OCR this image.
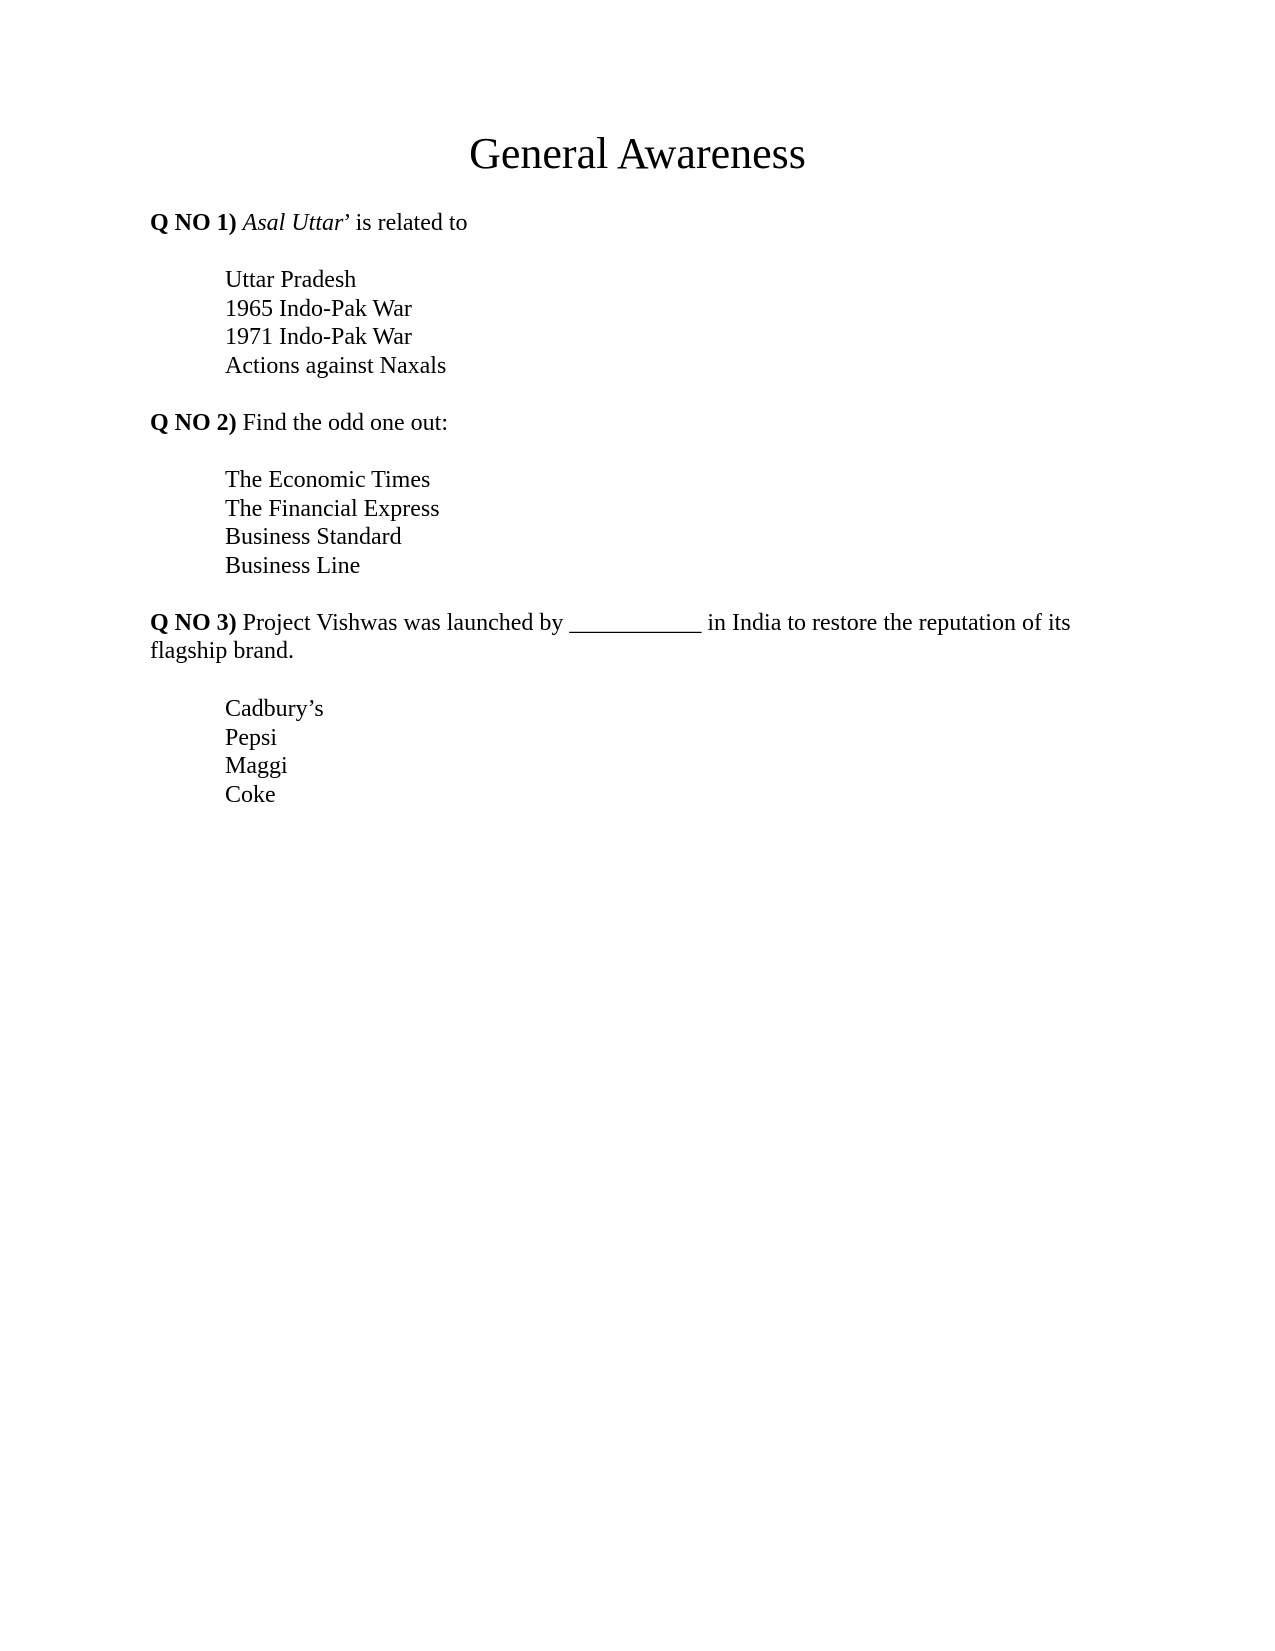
General Awareness

Q NO 1) Asal Uttar’ is related to

Uttar Pradesh
1965 Indo-Pak War
1971 Indo-Pak War
Actions against Naxals

Q NO 2) Find the odd one out:

The Economic Times
The Financial Express
Business Standard
Business Line

Q NO 3) Project Vishwas was launched by ___________ in India to restore the reputation of its flagship brand.

Cadbury’s
Pepsi
Maggi
Coke
